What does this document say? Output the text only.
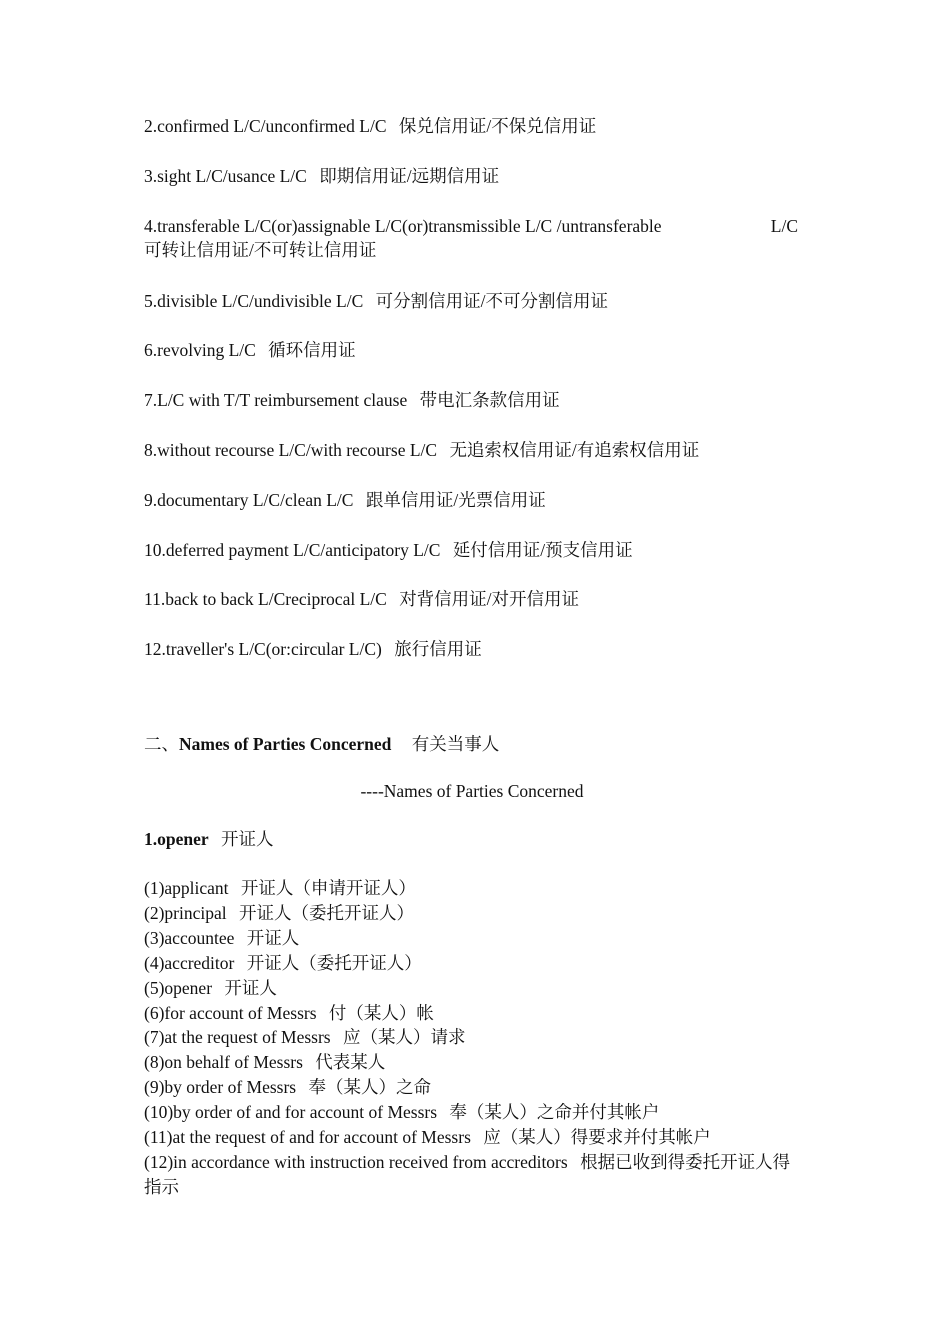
2.confirmed L/C/unconfirmed L/C 保兑信用证/不保兑信用证
3.sight L/C/usance L/C 即期信用证/远期信用证
4.transferable L/C(or)assignable L/C(or)transmissible L/C /untransferable	L/C
可转让信用证/不可转让信用证
5.divisible L/C/undivisible L/C 可分割信用证/不可分割信用证
6.revolving L/C 循环信用证
7.L/C with T/T reimbursement clause 带电汇条款信用证
8.without recourse L/C/with recourse L/C 无追索权信用证/有追索权信用证
9.documentary L/C/clean L/C 跟单信用证/光票信用证
10.deferred payment L/C/anticipatory L/C 延付信用证/预支信用证
11.back to back L/Creciprocal L/C 对背信用证/对开信用证
12.traveller's L/C(or:circular L/C) 旅行信用证
二、Names of Parties Concerned 有关当事人
----Names of Parties Concerned
1.opener 开证人
(1)applicant 开证人（申请开证人）
(2)principal 开证人（委托开证人）
(3)accountee 开证人
(4)accreditor 开证人（委托开证人）
(5)opener 开证人
(6)for account of Messrs 付（某人）帐
(7)at the request of Messrs 应（某人）请求
(8)on behalf of Messrs 代表某人
(9)by order of Messrs 奉（某人）之命
(10)by order of and for account of Messrs 奉（某人）之命并付其帐户
(11)at the request of and for account of Messrs 应（某人）得要求并付其帐户
(12)in accordance with instruction received from accreditors 根据已收到得委托开证人得指示
